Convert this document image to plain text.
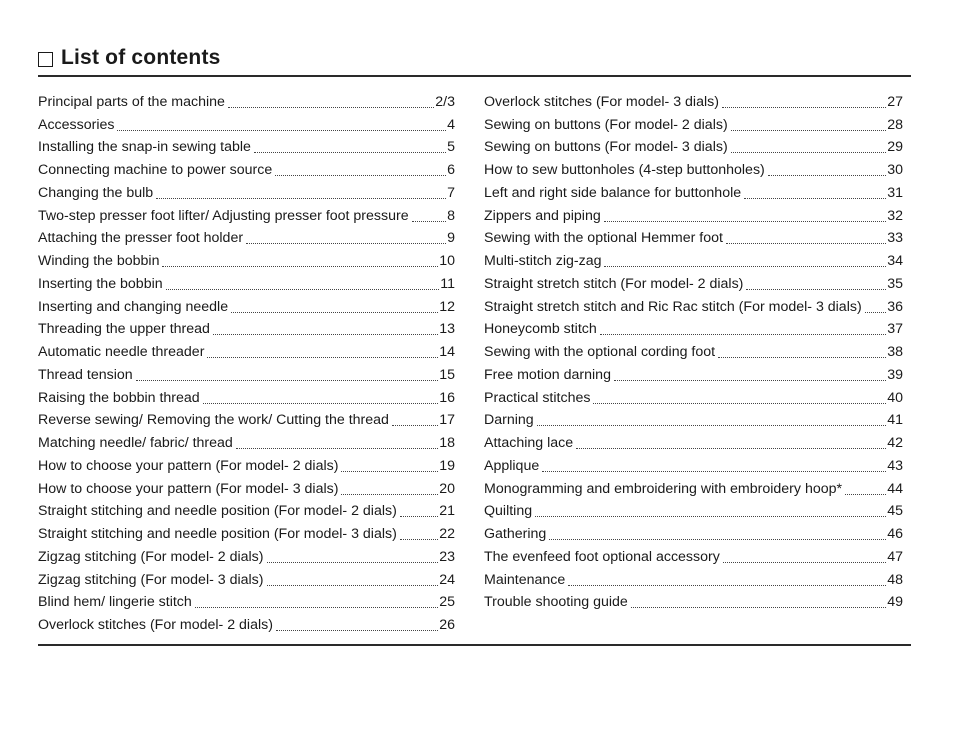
List of contents
Principal parts of the machine	2/3
Accessories	4
Installing the snap-in sewing table	5
Connecting machine to power source	6
Changing the bulb	7
Two-step presser foot lifter/ Adjusting presser foot pressure	8
Attaching the presser foot holder	9
Winding the bobbin	10
Inserting the bobbin	11
Inserting and changing needle	12
Threading the upper thread	13
Automatic needle threader	14
Thread tension	15
Raising the bobbin thread	16
Reverse sewing/ Removing the work/ Cutting the thread	17
Matching needle/ fabric/ thread	18
How to choose your pattern (For model- 2 dials)	19
How to choose your pattern (For model- 3 dials)	20
Straight stitching and needle position (For model- 2 dials)	21
Straight stitching and needle position (For model- 3 dials)	22
Zigzag stitching (For model- 2 dials)	23
Zigzag stitching (For model- 3 dials)	24
Blind hem/ lingerie stitch	25
Overlock stitches (For model- 2 dials)	26
Overlock stitches (For model- 3 dials)	27
Sewing on buttons (For model- 2 dials)	28
Sewing on buttons (For model- 3 dials)	29
How to sew buttonholes (4-step buttonholes)	30
Left and right side balance for buttonhole	31
Zippers and piping	32
Sewing with the optional Hemmer foot	33
Multi-stitch zig-zag	34
Straight stretch stitch (For model- 2 dials)	35
Straight stretch stitch and Ric Rac stitch (For model- 3 dials) 36
Honeycomb stitch	37
Sewing with the optional cording foot	38
Free motion darning	39
Practical stitches	40
Darning	41
Attaching lace	42
Applique	43
Monogramming and embroidering with embroidery hoop*	44
Quilting	45
Gathering	46
The evenfeed foot optional accessory	47
Maintenance	48
Trouble shooting guide	49
